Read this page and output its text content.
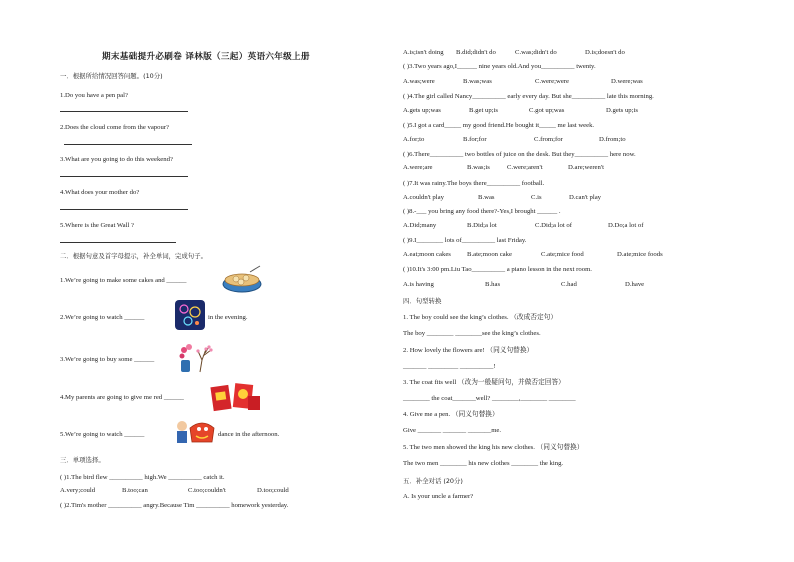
期末基础提升必刷卷 译林版（三起）英语六年级上册
一．根据所给情况回答问题。(10分)
1.Do you have a pen pal?
2.Does the cloud come from the vapour?
3.What are you going to do this weekend?
4.What does your mother do?
5.Where is the Great Wall ?
二．根据句意及首字母提示，补全单词，完成句子。
1.We’re going to make some cakes and ______
2.We’re going to watch ______	in the evening.
3.We’re going to buy some ______
4.My parents are going to give me red ______
5.We’re going to watch ______	dance in the afternoon.
三．单项选择。
( )1.The bird flew __________ high.We __________ catch it.
A.very;could	B.too;can	C.too;couldn't	D.too;could
( )2.Tim's mother __________ angry.Because Tim __________ homework yesterday.
A.is;isn't doing B.did;didn't do	C.was;didn't do	D.is;doesn't do
( )3.Two years ago,I______ nine years old.And you__________ twenty.
A.was;were	B.was;was	C.were;were	D.were;was
( )4.The girl called Nancy__________ early every day. But she__________ late this morning.
A.gets up;was	B.get up;is	C.got up;was	D.gets up;is
( )5.I got a card_____ my good friend.He bought it_____ me last week.
A.for;to	B.for;for	C.from;for	D.from;to
( )6.There__________ two bottles of juice on the desk. But they__________ here now.
A.were;are	B.was;is	C.were;aren't	D.are;weren't
( )7.It was rainy.The boys there__________ football.
A.couldn't play	B.was	C.is	D.can't play
( )8.-___ you bring any food there?-Yes,I brought ______ .
A.Did;many	B.Did;a lot	C.Did;a lot of	D.Do;a lot of
( )9.I________ lots of__________ last Friday.
A.eat;moon cakes B.ate;moon cake	C.ate;mice food	D.ate;mice foods
( )10.It's 3:00 pm.Liu Tao__________ a piano lesson in the next room.
A.is having	B.has	C.had	D.have
四．句型转换
1. The boy could see the king’s clothes. （改成否定句）
The boy ________ ________see the king’s clothes.
2. How lovely the flowers are! （同义句替换）
_______ _________ __________!
3. The coat fits well （改为一般疑问句，并做否定回答）
________ the coat_______well? ________,________ ________
4. Give me a pen. （同义句替换）
Give _______ _______ _______me.
5. The two men showed the king his new clothes. （同义句替换）
The two men ________ his new clothes ________ the king.
五．补全对话 (20分)
A. Is your uncle a farmer?
